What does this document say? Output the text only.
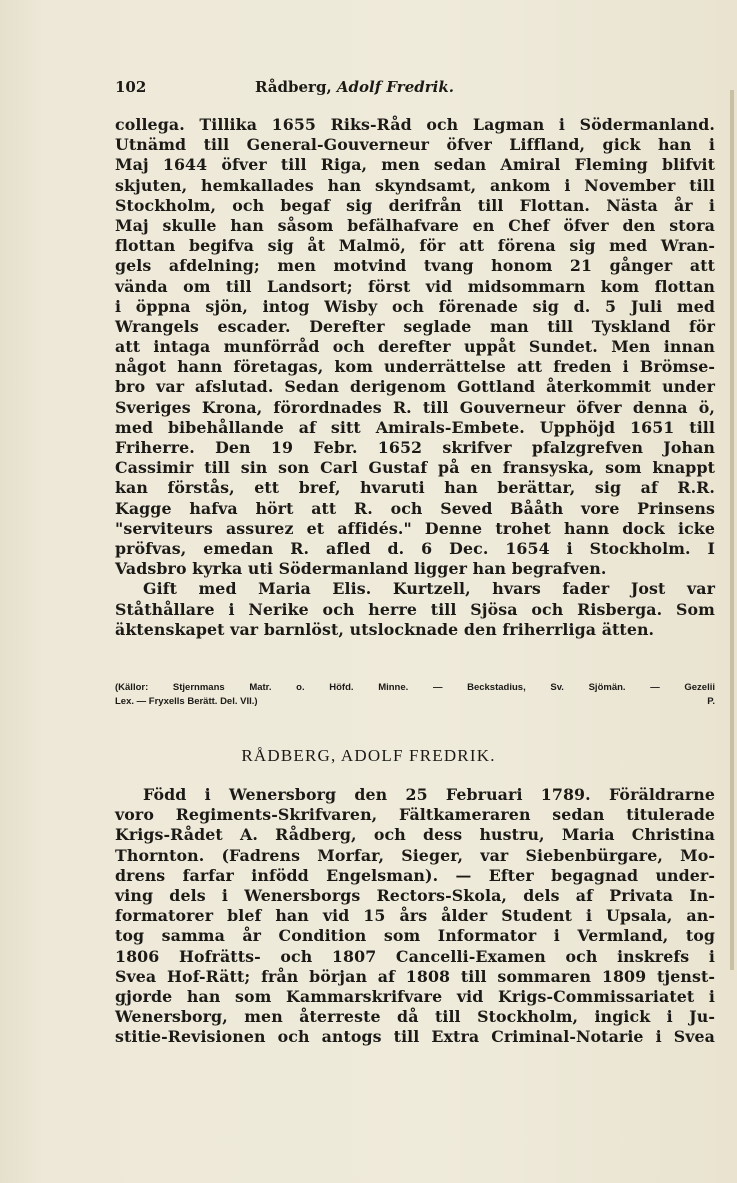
102	Rådberg, Adolf Fredrik.
collega. Tillika 1655 Riks-Råd och Lagman i Södermanland.
Utnämd till General-Gouverneur öfver Liffland, gick han i
Maj 1644 öfver till Riga, men sedan Amiral Fleming blifvit
skjuten, hemkallades han skyndsamt, ankom i November till
Stockholm, och begaf sig derifrån till Flottan. Nästa år i
Maj skulle han såsom befälhafvare en Chef öfver den stora
flottan begifva sig åt Malmö, för att förena sig med Wran-
gels afdelning; men motvind tvang honom 21 gånger att
vända om till Landsort; först vid midsommarn kom flottan
i öppna sjön, intog Wisby och förenade sig d. 5 Juli med
Wrangels escader. Derefter seglade man till Tyskland för
att intaga munförråd och derefter uppåt Sundet. Men innan
något hann företagas, kom underrättelse att freden i Brömse-
bro var afslutad. Sedan derigenom Gottland återkommit under
Sveriges Krona, förordnades R. till Gouverneur öfver denna ö,
med bibehållande af sitt Amirals-Embete. Upphöjd 1651 till
Friherre. Den 19 Febr. 1652 skrifver pfalzgrefven Johan
Cassimir till sin son Carl Gustaf på en fransyska, som knappt
kan förstås, ett bref, hvaruti han berättar, sig af R.R.
Kagge hafva hört att R. och Seved Bååth vore Prinsens
"serviteurs assurez et affidés." Denne trohet hann dock icke
pröfvas, emedan R. afled d. 6 Dec. 1654 i Stockholm. I
Vadsbro kyrka uti Södermanland ligger han begrafven.
Gift med Maria Elis. Kurtzell, hvars fader Jost var
Ståthållare i Nerike och herre till Sjösa och Risberga. Som
äktenskapet var barnlöst, utslocknade den friherrliga ätten.
(Källor: Stjernmans Matr. o. Höfd. Minne. — Beckstadius, Sv. Sjömän. — Gezelii
Lex. — Fryxells Berätt. Del. VII.)	P.
RÅDBERG, ADOLF FREDRIK.
Född i Wenersborg den 25 Februari 1789. Föräldrarne
voro Regiments-Skrifvaren, Fältkameraren sedan titulerade
Krigs-Rådet A. Rådberg, och dess hustru, Maria Christina
Thornton. (Fadrens Morfar, Sieger, var Siebenbürgare, Mo-
drens farfar infödd Engelsman). — Efter begagnad under-
ving dels i Wenersborgs Rectors-Skola, dels af Privata In-
formatorer blef han vid 15 års ålder Student i Upsala, an-
tog samma år Condition som Informator i Vermland, tog
1806 Hofrätts- och 1807 Cancelli-Examen och inskrefs i
Svea Hof-Rätt; från början af 1808 till sommaren 1809 tjenst-
gjorde han som Kammarskrifvare vid Krigs-Commissariatet i
Wenersborg, men återreste då till Stockholm, ingick i Ju-
stitie-Revisionen och antogs till Extra Criminal-Notarie i Svea
